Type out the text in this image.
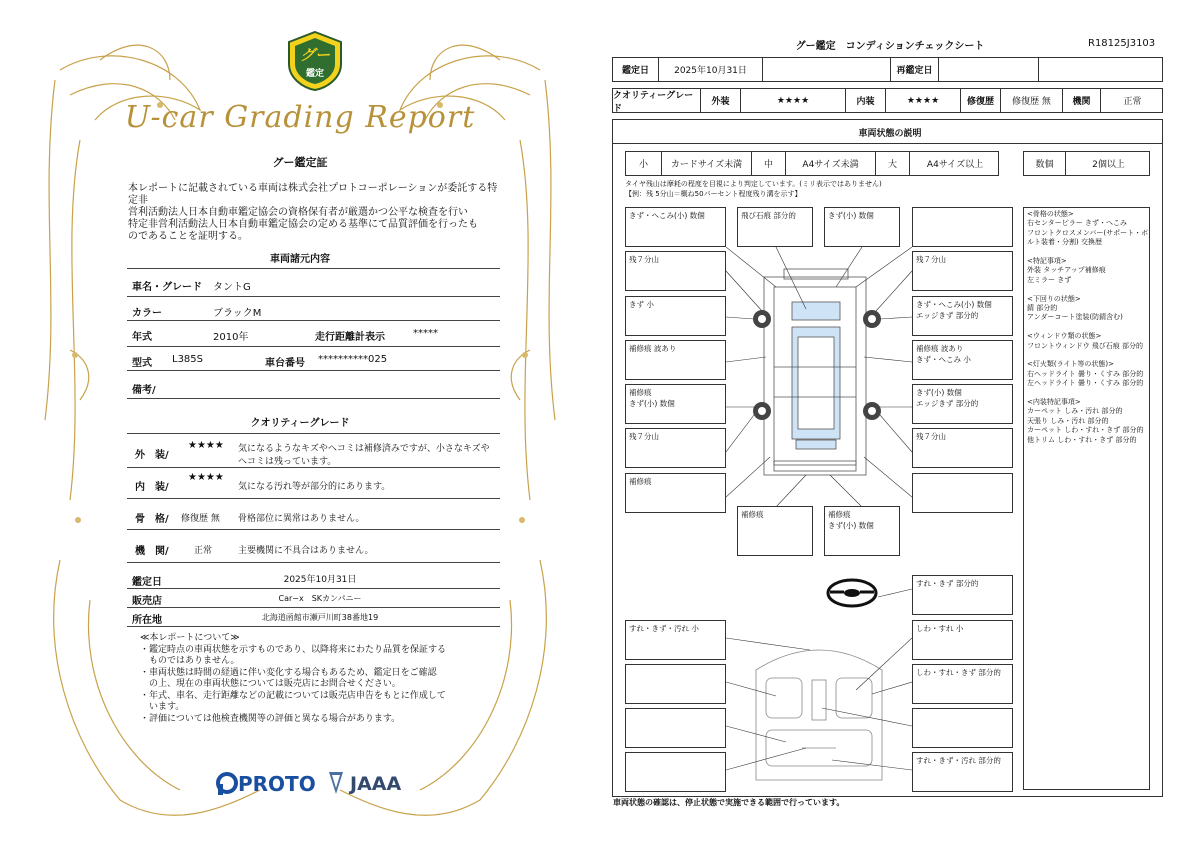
グー
鑑定
U-car Grading Report
グー鑑定証
本レポートに記載されている車両は株式会社プロトコーポレーションが委託する特定非
営利活動法人日本自動車鑑定協会の資格保有者が厳選かつ公平な検査を行い
特定非営利活動法人日本自動車鑑定協会の定める基準にて品質評価を行ったも
のであることを証明する。
車両諸元内容
車名・グレード タントG
カラー	ブラックM
年式	2010年	走行距離計表示	*****
型式 L385S	車台番号 **********025
備考/
クオリティーグレード
外　装/
★★★★ 気になるようなキズやヘコミは補修済みですが、小さなキズや
ヘコミは残っています。
内　装/
★★★★
気になる汚れ等が部分的にあります。
骨　格/ 修復歴 無 骨格部位に異常はありません。
機　関/	正常	主要機関に不具合はありません。
鑑定日	2025年10月31日
販売店	Car−x　SKカンパニー
所在地	北海道函館市瀬戸川町38番地19
≪本レポートについて≫
・鑑定時点の車両状態を示すものであり、以降将来にわたり品質を保証する
　ものではありません。
・車両状態は時間の経過に伴い変化する場合もあるため、鑑定日をご確認
　の上、現在の車両状態については販売店にお問合せください。
・年式、車名、走行距離などの記載については販売店申告をもとに作成して
　います。
・評価については他検査機関等の評価と異なる場合があります。
PROTO JAAA
グー鑑定　コンディションチェックシート	R18125J3103
鑑定日	2025年10月31日	再鑑定日
クオリティーグレード
外装	★★★★	内装	★★★★	修復歴	修復歴 無	機関	正常
車両状態の説明
小	カードサイズ未満	中	A4サイズ未満	大	A4サイズ以上	数個	2個以上
タイヤ残山は摩耗の程度を目視により判定しています。(ミリ表示ではありません)
【例：残 5分山＝概ね50パーセント程度残り溝を示す】
きず・へこみ(小) 数個	飛び石痕 部分的	きず(小) 数個
残７分山
きず 小
補修痕 波あり
補修痕
きず(小) 数個
残７分山
補修痕
残７分山
きず・へこみ(小) 数個
エッジきず 部分的
補修痕 波あり
きず・へこみ 小
きず(小) 数個
エッジきず 部分的
残７分山
補修痕	補修痕
きず(小) 数個
<骨格の状態>
右センターピラー きず・へこみ
フロントクロスメンバー(サポート・ボ
ルト装着・分割) 交換歴
<特記事項>
外装 タッチアップ補修痕
左ミラー きず
<下回りの状態>
錆 部分的
アンダーコート塗装(防錆含む)
<ウィンドウ類の状態>
フロントウィンドウ 飛び石痕 部分的
<灯火類(ライト等の状態)>
右ヘッドライト 曇り・くすみ 部分的
左ヘッドライト 曇り・くすみ 部分的
<内装特記事項>
カーペット しみ・汚れ 部分的
天張り しみ・汚れ 部分的
カーペット しわ・すれ・きず 部分的
他トリム しわ・すれ・きず 部分的
すれ・きず 部分的
すれ・きず・汚れ 小	しわ・すれ 小
しわ・すれ・きず 部分的
すれ・きず・汚れ 部分的
車両状態の確認は、停止状態で実施できる範囲で行っています。
